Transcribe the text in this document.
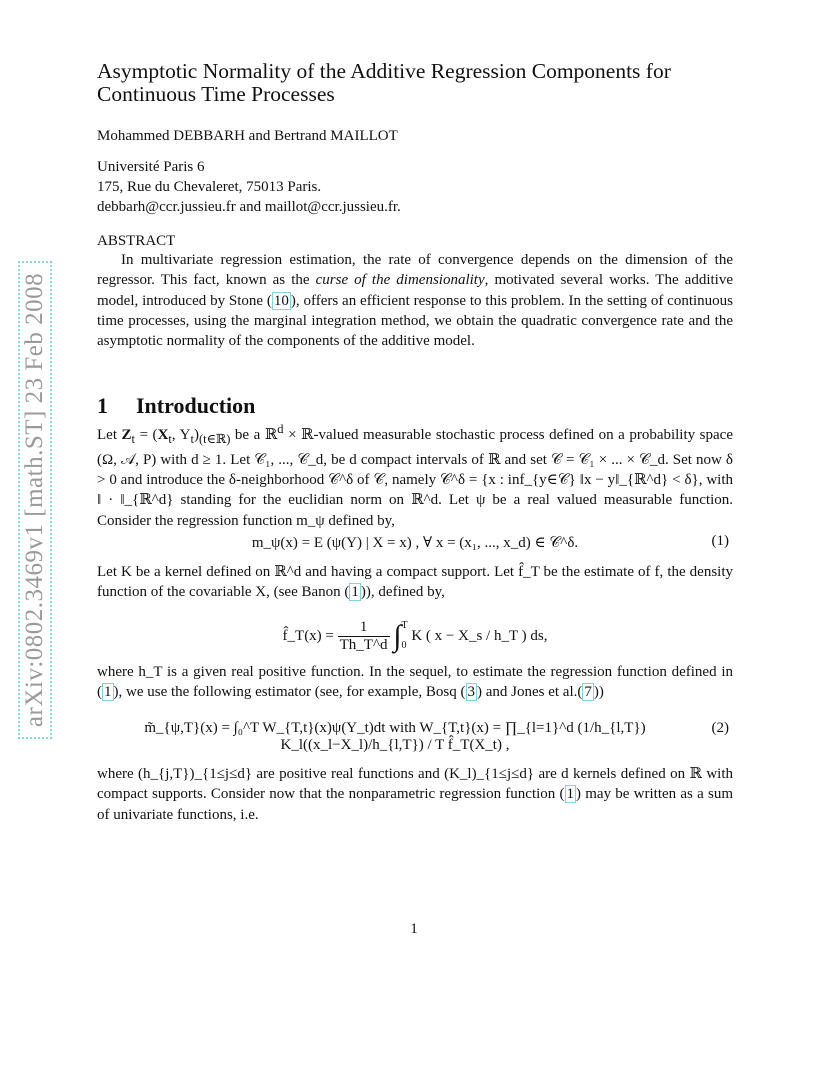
arXiv:0802.3469v1 [math.ST] 23 Feb 2008
Asymptotic Normality of the Additive Regression Components for
Continuous Time Processes
Mohammed DEBBARH and Bertrand MAILLOT
Université Paris 6
175, Rue du Chevaleret, 75013 Paris.
debbarh@ccr.jussieu.fr and maillot@ccr.jussieu.fr.
ABSTRACT

In multivariate regression estimation, the rate of convergence depends on the dimension of the regressor. This fact, known as the curse of the dimensionality, motivated several works. The additive model, introduced by Stone ( 10 ), offers an efficient response to this problem. In the setting of continuous time processes, using the marginal integration method, we obtain the quadratic convergence rate and the asymptotic normality of the components of the additive model.

1 Introduction

Let $Z_t = (X_t$, $Y_t)_{(t\in ℝ)}$ be a ℝ$^d$ × ℝ-valued measurable stochastic process defined on a probability space (Ω, 𝒜, P) with d ≥ 1. Let 𝒞₁, ..., 𝒞_d, be d compact intervals of ℝ and set 𝒞 = 𝒞₁ × ... × 𝒞_d. Set now δ > 0 and introduce the δ-neighborhood 𝒞^δ of 𝒞, namely 𝒞^δ = {x : inf_{y∈𝒞} ‖x − y‖_{ℝ^d} < δ}, with ‖ · ‖_{ℝ^d} standing for the euclidian norm on ℝ^d. Let ψ be a real valued measurable function. Consider the regression function m_ψ defined by,

m_ψ(x) = E (ψ(Y) | X = x) , ∀ x = (x₁, ..., x_d) ∈ 𝒞^δ.	(1)

Let K be a kernel defined on ℝ^d and having a compact support. Let f̂_T be the estimate of f, the density function of the covariable X, (see Banon ( 1 )), defined by,

f̂_T(x) = $\frac{1}{Th\_T\^{}d} \int T$

0 K ( x − X_s / h_T ) ds,

where h_T is a given real positive function. In the sequel, to estimate the regression function defined in ( 1 ), we use the following estimator (see, for example, Bosq ( 3 ) and Jones et al.( 7 ))

m̃_{ψ,T}(x) = ∫₀^T W_{T,t}(x)ψ(Y_t)dt with W_{T,t}(x) = ∏_{l=1}^d (1/h_{l,T}) K_l((x_l−X_l)/h_{l,T}) / T f̂_T(X_t) ,
(2)

where (h_{j,T})_{1≤j≤d} are positive real functions and (K_l)_{1≤j≤d} are d kernels defined on ℝ with compact supports. Consider now that the nonparametric regression function ( 1 ) may be written as a sum of univariate functions, i.e.

1
